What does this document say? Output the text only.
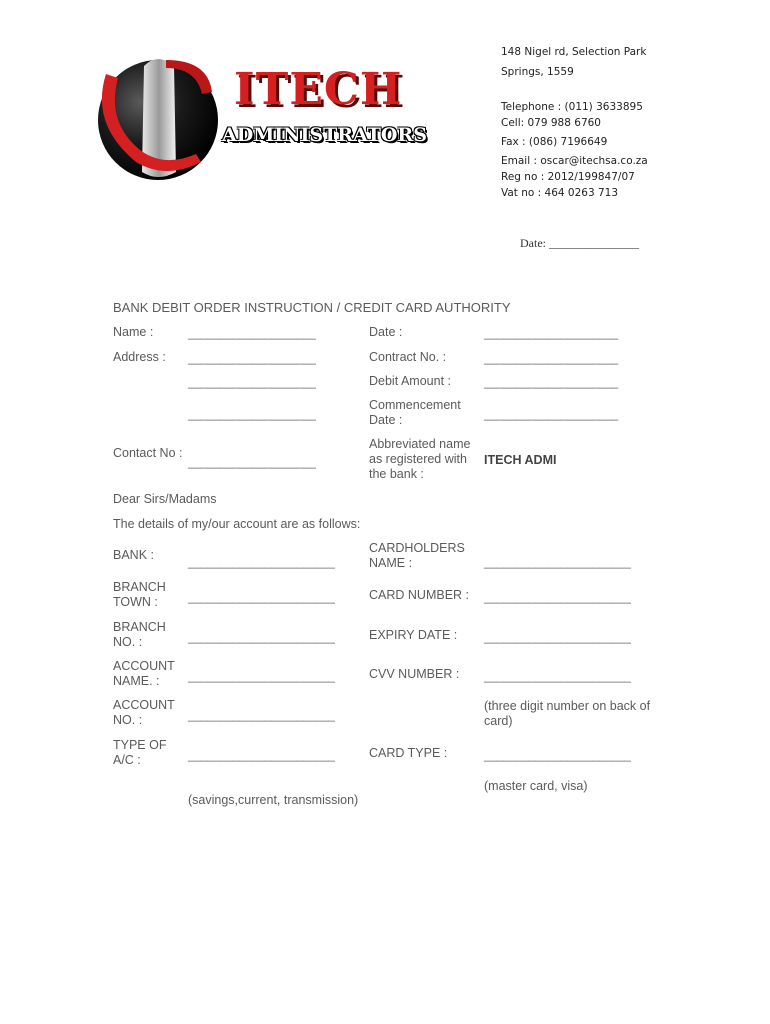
ITECH
ADMINISTRATORS
148 Nigel rd, Selection Park
Springs, 1559
Telephone : (011) 3633895
Cell: 079 988 6760
Fax : (086) 7196649
Email : oscar@itechsa.co.za
Reg no : 2012/199847/07
Vat no : 464 0263 713
Date: _______________
BANK DEBIT ORDER INSTRUCTION / CREDIT CARD AUTHORITY
Name :	____________________
Address : ____________________
____________________
____________________
Contact No :
____________________
Date :	_____________________
Contract No. :	_____________________
Debit Amount :	_____________________
Commencement Date :	_____________________
Abbreviated name as registered with the bank :
ITECH ADMI
Dear Sirs/Madams
The details of my/our account are as follows:
BANK :	_______________________
BRANCH TOWN :	_______________________
BRANCH NO. :	_______________________
ACCOUNT NAME. :	_______________________
ACCOUNT NO. :	_______________________
TYPE OF A/C :	_______________________
(savings,current, transmission)
CARDHOLDERS NAME :	_______________________
CARD NUMBER : _______________________
EXPIRY DATE : _______________________
CVV NUMBER : _______________________
(three digit number on back of card)
CARD TYPE :	_______________________
(master card, visa)
